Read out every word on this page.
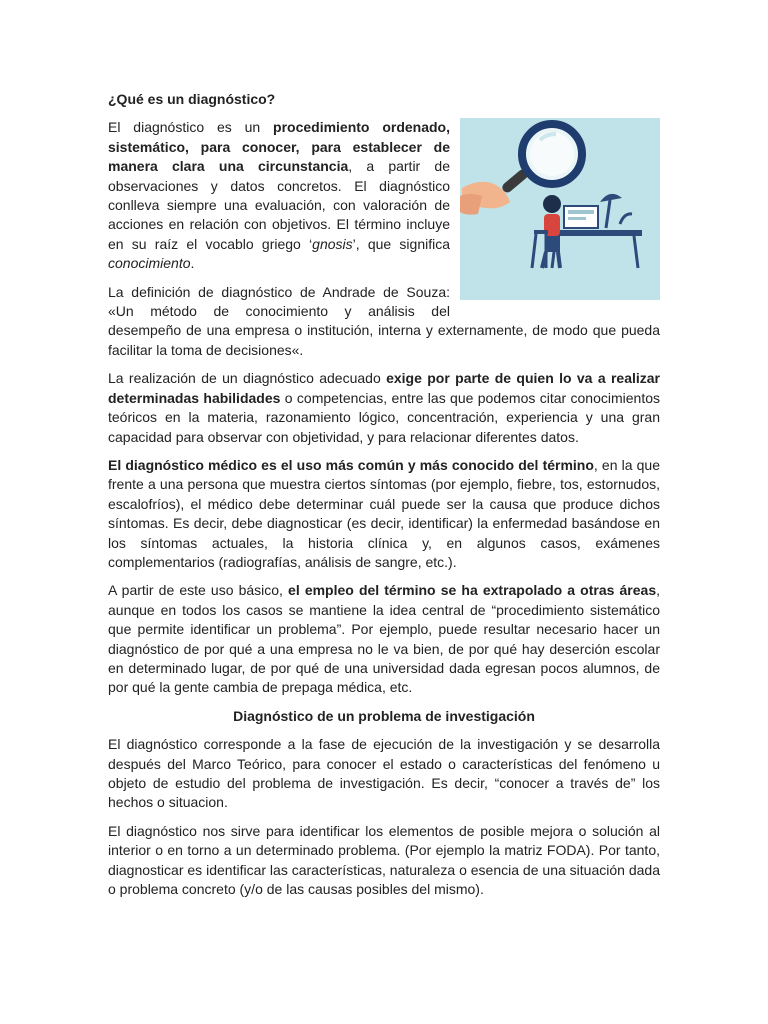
¿Qué es un diagnóstico?

El diagnóstico es un procedimiento ordenado, sistemático, para conocer, para establecer de manera clara una circunstancia, a partir de observaciones y datos concretos. El diagnóstico conlleva siempre una evaluación, con valoración de acciones en relación con objetivos. El término incluye en su raíz el vocablo griego ‘gnosis’, que significa conocimiento.

La definición de diagnóstico de Andrade de Souza: «Un método de conocimiento y análisis del desempeño de una empresa o institución, interna y externamente, de modo que pueda facilitar la toma de decisiones«.

La realización de un diagnóstico adecuado exige por parte de quien lo va a realizar determinadas habilidades o competencias, entre las que podemos citar conocimientos teóricos en la materia, razonamiento lógico, concentración, experiencia y una gran capacidad para observar con objetividad, y para relacionar diferentes datos.

El diagnóstico médico es el uso más común y más conocido del término, en la que frente a una persona que muestra ciertos síntomas (por ejemplo, fiebre, tos, estornudos, escalofríos), el médico debe determinar cuál puede ser la causa que produce dichos síntomas. Es decir, debe diagnosticar (es decir, identificar) la enfermedad basándose en los síntomas actuales, la historia clínica y, en algunos casos, exámenes complementarios (radiografías, análisis de sangre, etc.).

A partir de este uso básico, el empleo del término se ha extrapolado a otras áreas, aunque en todos los casos se mantiene la idea central de “procedimiento sistemático que permite identificar un problema”. Por ejemplo, puede resultar necesario hacer un diagnóstico de por qué a una empresa no le va bien, de por qué hay deserción escolar en determinado lugar, de por qué de una universidad dada egresan pocos alumnos, de por qué la gente cambia de prepaga médica, etc.

Diagnóstico de un problema de investigación

El diagnóstico corresponde a la fase de ejecución de la investigación y se desarrolla después del Marco Teórico, para conocer el estado o características del fenómeno u objeto de estudio del problema de investigación. Es decir, “conocer a través de” los hechos o situacion.

El diagnóstico nos sirve para identificar los elementos de posible mejora o solución al interior o en torno a un determinado problema. (Por ejemplo la matriz FODA). Por tanto, diagnosticar es identificar las características, naturaleza o esencia de una situación dada o problema concreto (y/o de las causas posibles del mismo).
